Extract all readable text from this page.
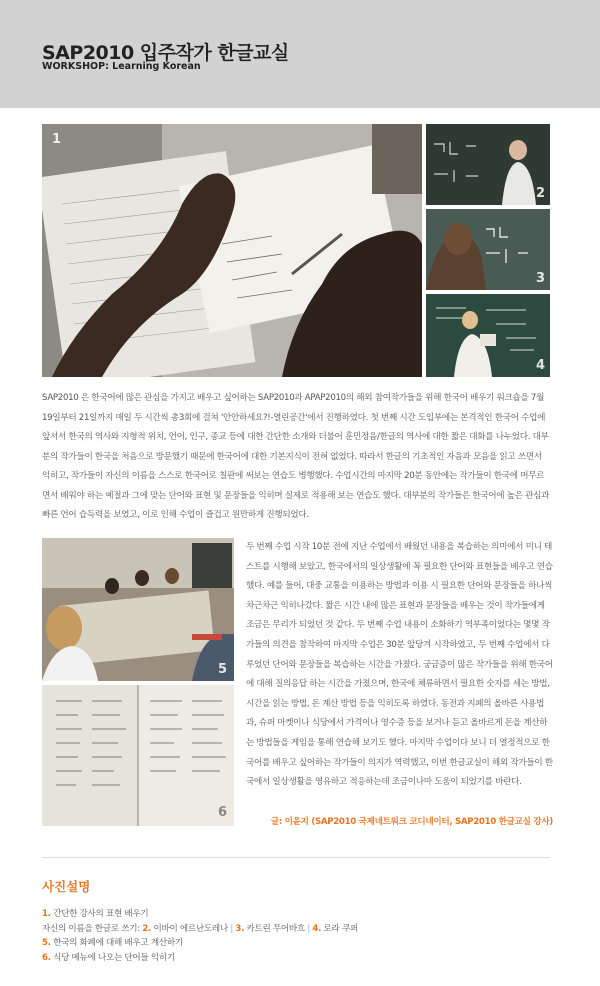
SAP2010 입주작가 한글교실
WORKSHOP: Learning Korean
1
2
3
4
SAP2010 은 한국어에 많은 관심을 가지고 배우고 싶어하는 SAP2010과 APAP2010의 해외 참여작가들을 위해 한국어 배우기 워크숍을 7월 19일부터 21일까지 매일 두 시간씩 총3회에 걸쳐 '안안하세요?!-열린공간'에서 진행하였다. 첫 번째 시간 도입부에는 본격적인 한국어 수업에 앞서서 한국의 역사와 지형적 위치, 언어, 인구, 종교 등에 대한 간단한 소개와 더불어 훈민정음/한글의 역사에 대한 짧은 대화를 나누었다. 대부분의 작가들이 한국을 처음으로 방문했기 때문에 한국어에 대한 기본지식이 전혀 없었다. 따라서 한글의 기초적인 자음과 모음을 읽고 쓰면서 익히고, 작가들이 자신의 이름을 스스로 한국어로 칠판에 써보는 연습도 병행했다. 수업시간의 마지막 20분 동안에는 작가들이 한국에 머무르면서 배워야 하는 예절과 그에 맞는 단어와 표현 및 문장들을 익히며 실제로 적용해 보는 연습도 했다. 대부분의 작가들은 한국어에 높은 관심과 빠른 언어 습득력을 보였고, 이로 인해 수업이 즐겁고 원만하게 진행되었다.
5
6
두 번째 수업 시작 10분 전에 지난 수업에서 배웠던 내용을 복습하는 의미에서 미니 테스트를 시행해 보았고, 한국에서의 일상생활에 꼭 필요한 단어와 표현들을 배우고 연습했다. 예를 들어, 대중 교통을 이용하는 방법과 이용 시 필요한 단어와 문장들을 하나씩 차근차근 익히나갔다. 짧은 시간 내에 많은 표현과 문장들을 배우는 것이 작가들에게 조금은 무리가 되었던 것 같다. 두 번째 수업 내용이 소화하기 역부족이었다는 몇몇 작가들의 의견을 참작하여 마지막 수업은 30분 앞당겨 시작하였고, 두 번째 수업에서 다루었던 단어와 문장들을 복습하는 시간을 가졌다. 궁금증이 많은 작가들을 위해 한국어에 대해 질의응답 하는 시간을 가졌으며, 한국에 체류하면서 필요한 숫자를 세는 방법, 시간을 읽는 방법, 돈 계산 방법 등을 익히도록 하였다. 동전과 지폐의 올바른 사용법과, 슈퍼 마켓이나 식당에서 가격이나 영수증 등을 보거나 듣고 올바르게 돈을 계산하는 방법들을 게임을 통해 연습해 보기도 했다. 마지막 수업이다 보니 더 열정적으로 한국어를 배우고 싶어하는 작가들이 의지가 역력했고, 이번 한글교실이 해외 작가들이 한국에서 일상생활을 영유하고 적응하는데 조금이나마 도움이 되었기를 바란다.
글: 이윤지 (SAP2010 국제네트워크 코디네이터, SAP2010 한글교실 강사)
사진설명
1. 간단한 강사의 표현 배우기
자신의 이름을 한글로 쓰기: 2. 이바이 에르난도레나 | 3. 카트린 무어바흐 | 4. 로라 쿠퍼
5. 한국의 화폐에 대해 배우고 계산하기
6. 식당 메뉴에 나오는 단어들 익히기
